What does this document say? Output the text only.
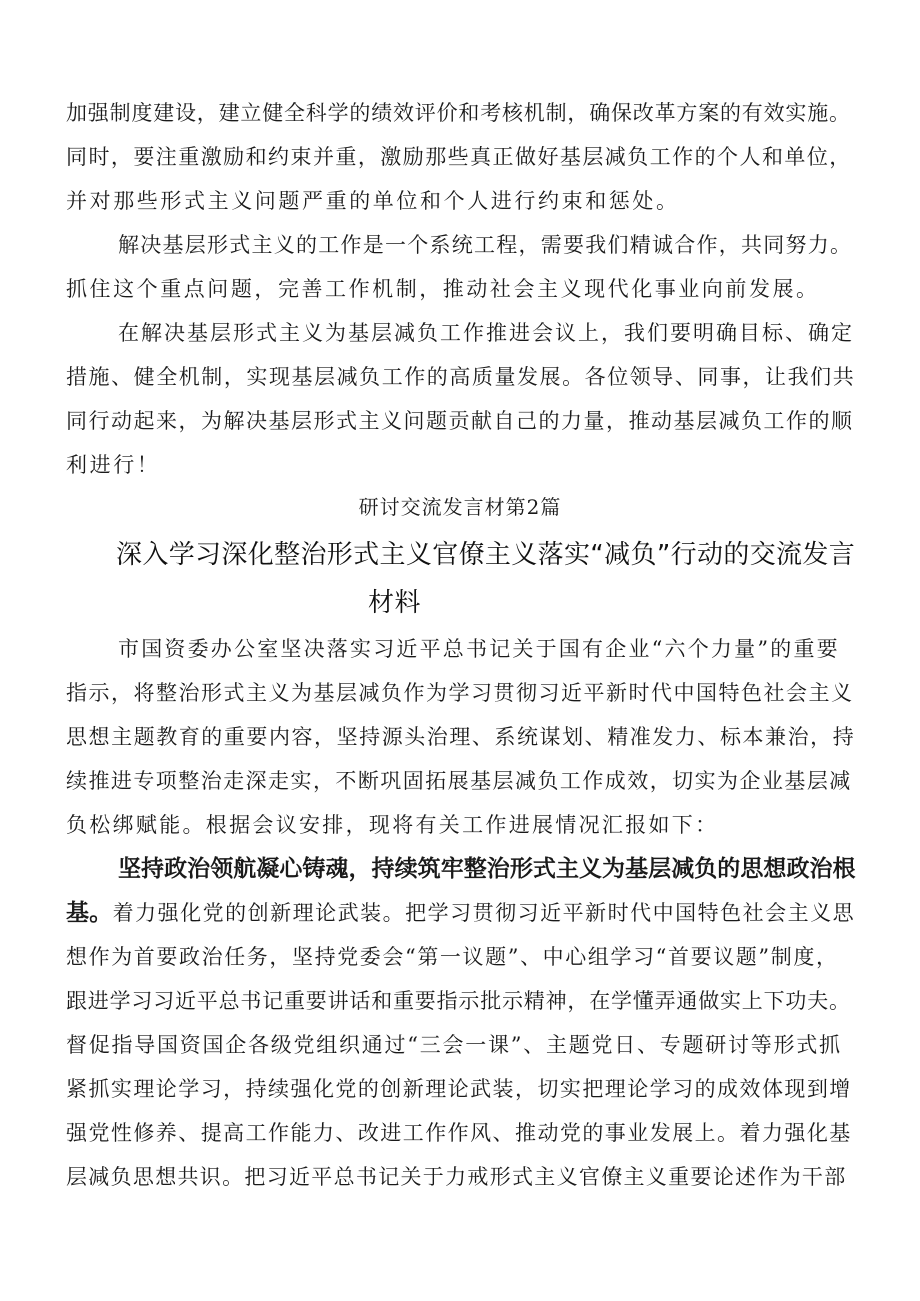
加强制度建设，建立健全科学的绩效评价和考核机制，确保改革方案的有效实施。
同时，要注重激励和约束并重，激励那些真正做好基层减负工作的个人和单位，
并对那些形式主义问题严重的单位和个人进行约束和惩处。
解决基层形式主义的工作是一个系统工程，需要我们精诚合作，共同努力。
抓住这个重点问题，完善工作机制，推动社会主义现代化事业向前发展。
在解决基层形式主义为基层减负工作推进会议上，我们要明确目标、确定
措施、健全机制，实现基层减负工作的高质量发展。各位领导、同事，让我们共
同行动起来，为解决基层形式主义问题贡献自己的力量，推动基层减负工作的顺
利进行！
研讨交流发言材第2篇
深入学习深化整治形式主义官僚主义落实“减负”行动的交流发言
材料
市国资委办公室坚决落实习近平总书记关于国有企业“六个力量”的重要
指示，将整治形式主义为基层减负作为学习贯彻习近平新时代中国特色社会主义
思想主题教育的重要内容，坚持源头治理、系统谋划、精准发力、标本兼治，持
续推进专项整治走深走实，不断巩固拓展基层减负工作成效，切实为企业基层减
负松绑赋能。根据会议安排，现将有关工作进展情况汇报如下：
坚持政治领航凝心铸魂，持续筑牢整治形式主义为基层减负的思想政治根
基。着力强化党的创新理论武装。把学习贯彻习近平新时代中国特色社会主义思
想作为首要政治任务，坚持党委会“第一议题”、中心组学习“首要议题”制度，
跟进学习习近平总书记重要讲话和重要指示批示精神，在学懂弄通做实上下功夫。
督促指导国资国企各级党组织通过“三会一课”、主题党日、专题研讨等形式抓
紧抓实理论学习，持续强化党的创新理论武装，切实把理论学习的成效体现到增
强党性修养、提高工作能力、改进工作作风、推动党的事业发展上。着力强化基
层减负思想共识。把习近平总书记关于力戒形式主义官僚主义重要论述作为干部
